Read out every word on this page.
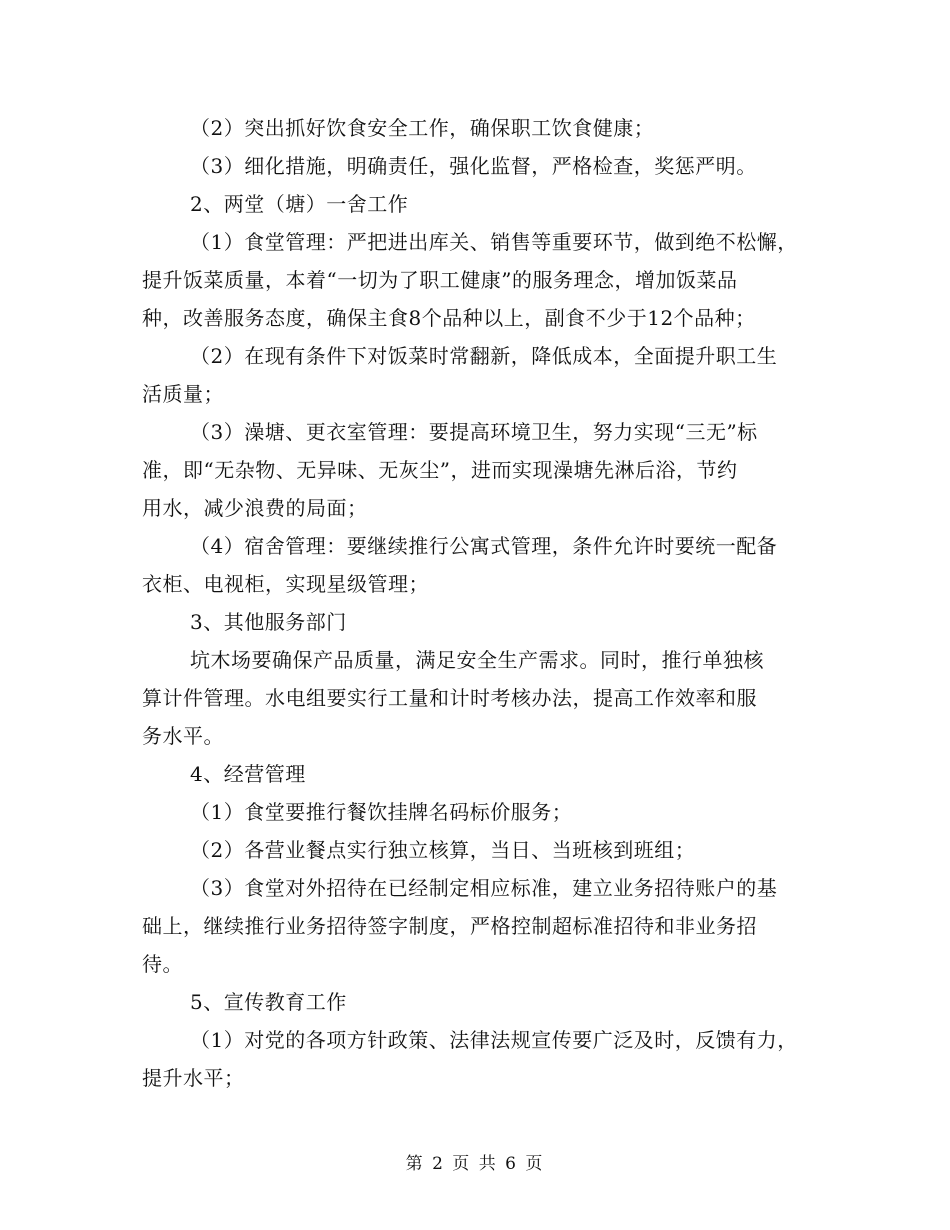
（2）突出抓好饮食安全工作，确保职工饮食健康；
（3）细化措施，明确责任，强化监督，严格检查，奖惩严明。
2、两堂（塘）一舍工作
（1）食堂管理：严把进出库关、销售等重要环节，做到绝不松懈，
提升饭菜质量，本着“一切为了职工健康”的服务理念，增加饭菜品
种，改善服务态度，确保主食8个品种以上，副食不少于12个品种；
（2）在现有条件下对饭菜时常翻新，降低成本，全面提升职工生
活质量；
（3）澡塘、更衣室管理：要提高环境卫生，努力实现“三无”标
准，即“无杂物、无异味、无灰尘”，进而实现澡塘先淋后浴，节约
用水，减少浪费的局面；
（4）宿舍管理：要继续推行公寓式管理，条件允许时要统一配备
衣柜、电视柜，实现星级管理；
3、其他服务部门
坑木场要确保产品质量，满足安全生产需求。同时，推行单独核
算计件管理。水电组要实行工量和计时考核办法，提高工作效率和服
务水平。
4、经营管理
（1）食堂要推行餐饮挂牌名码标价服务；
（2）各营业餐点实行独立核算，当日、当班核到班组；
（3）食堂对外招待在已经制定相应标准，建立业务招待账户的基
础上，继续推行业务招待签字制度，严格控制超标准招待和非业务招
待。
5、宣传教育工作
（1）对党的各项方针政策、法律法规宣传要广泛及时，反馈有力，
提升水平；
第 2 页 共 6 页
